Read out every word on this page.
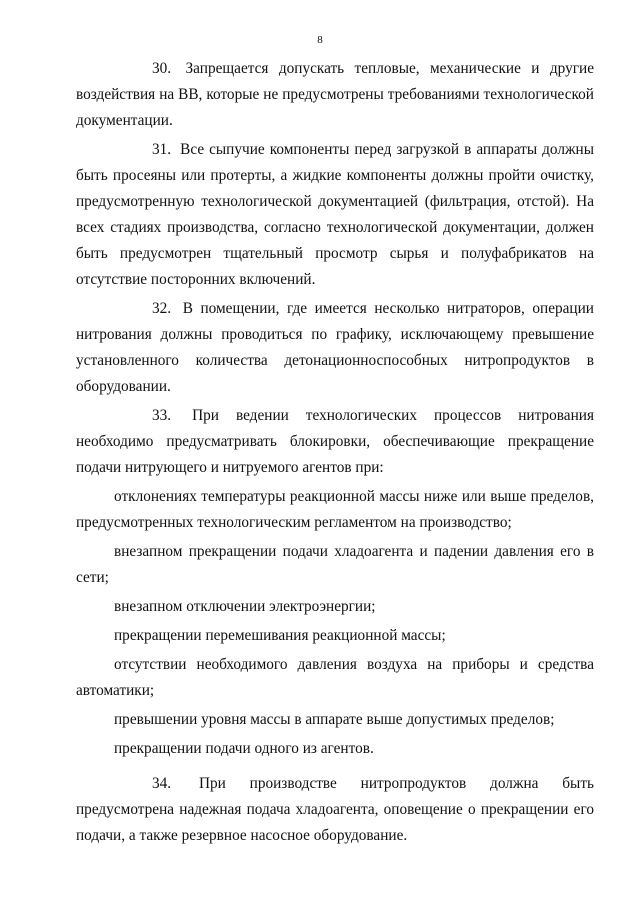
8

30. Запрещается допускать тепловые, механические и другие воздействия на ВВ, которые не предусмотрены требованиями технологической документации.

31. Все сыпучие компоненты перед загрузкой в аппараты должны быть просеяны или протерты, а жидкие компоненты должны пройти очистку, предусмотренную технологической документацией (фильтрация, отстой). На всех стадиях производства, согласно технологической документации, должен быть предусмотрен тщательный просмотр сырья и полуфабрикатов на отсутствие посторонних включений.

32. В помещении, где имеется несколько нитраторов, операции нитрования должны проводиться по графику, исключающему превышение установленного количества детонационноспособных нитропродуктов в оборудовании.

33. При ведении технологических процессов нитрования необходимо предусматривать блокировки, обеспечивающие прекращение подачи нитрующего и нитруемого агентов при:

отклонениях температуры реакционной массы ниже или выше пределов, предусмотренных технологическим регламентом на производство;

внезапном прекращении подачи хладоагента и падении давления его в сети;

внезапном отключении электроэнергии;

прекращении перемешивания реакционной массы;

отсутствии необходимого давления воздуха на приборы и средства автоматики;

превышении уровня массы в аппарате выше допустимых пределов;

прекращении подачи одного из агентов.

34. При производстве нитропродуктов должна быть предусмотрена надежная подача хладоагента, оповещение о прекращении его подачи, а также резервное насосное оборудование.
